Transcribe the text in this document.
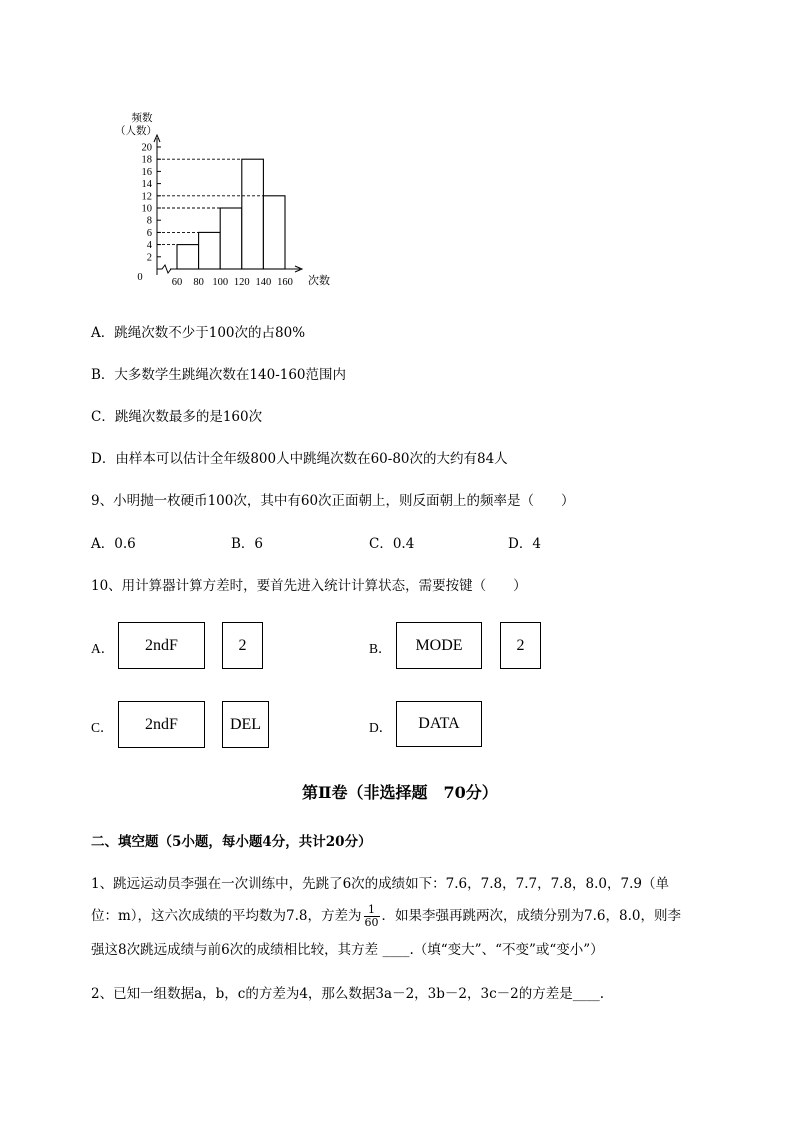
频数
（人数）
2
4
6
8
10
12
14
16
18
20
60 80 100 120 140 160 次数
0
A．跳绳次数不少于100次的占80%
B．大多数学生跳绳次数在140-160范围内
C．跳绳次数最多的是160次
D．由样本可以估计全年级800人中跳绳次数在60-80次的大约有84人
9、小明抛一枚硬币100次，其中有60次正面朝上，则反面朝上的频率是（　　）
A．0.6	B．6	C．0.4	D．4
10、用计算器计算方差时，要首先进入统计计算状态，需要按键（　　）
A．	2ndF	2	B．	MODE	2
C．	2ndF	DEL	D．	DATA
第Ⅱ卷（非选择题　70分）
二、填空题（5小题，每小题4分，共计20分）
1、跳远运动员李强在一次训练中，先跳了6次的成绩如下：7.6，7.8，7.7，7.8，8.0，7.9（单
位：m），这六次成绩的平均数为7.8，方差为 $\frac{1}{60}$ ．如果李强再跳两次，成绩分别为7.6，8.0，则李
强这8次跳远成绩与前6次的成绩相比较，其方差 ____.（填“变大”、“不变”或“变小”）
2、已知一组数据a，b，c的方差为4，那么数据3a－2，3b－2，3c－2的方差是____.
